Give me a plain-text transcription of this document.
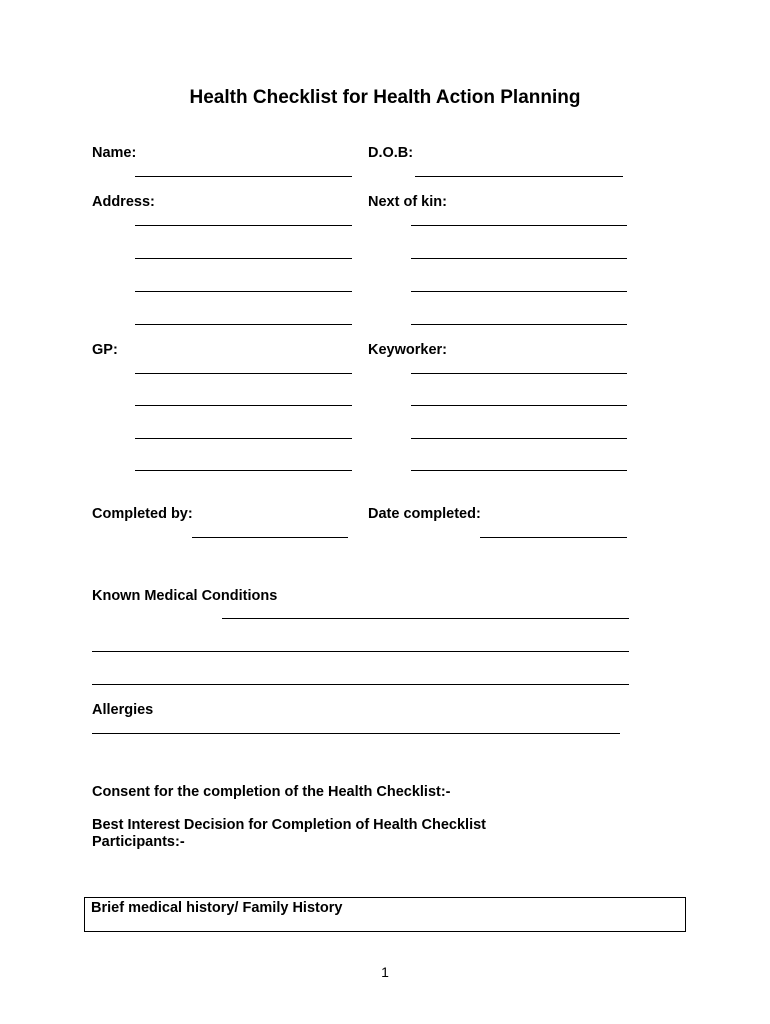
Health Checklist for Health Action Planning
Name:	D.O.B:
Address:	Next of kin:
GP:	Keyworker:
Completed by:	Date completed:
Known Medical Conditions
Allergies
Consent for the completion of the Health Checklist:-
Best Interest Decision for Completion of Health Checklist Participants:-
Brief medical history/ Family History
1
